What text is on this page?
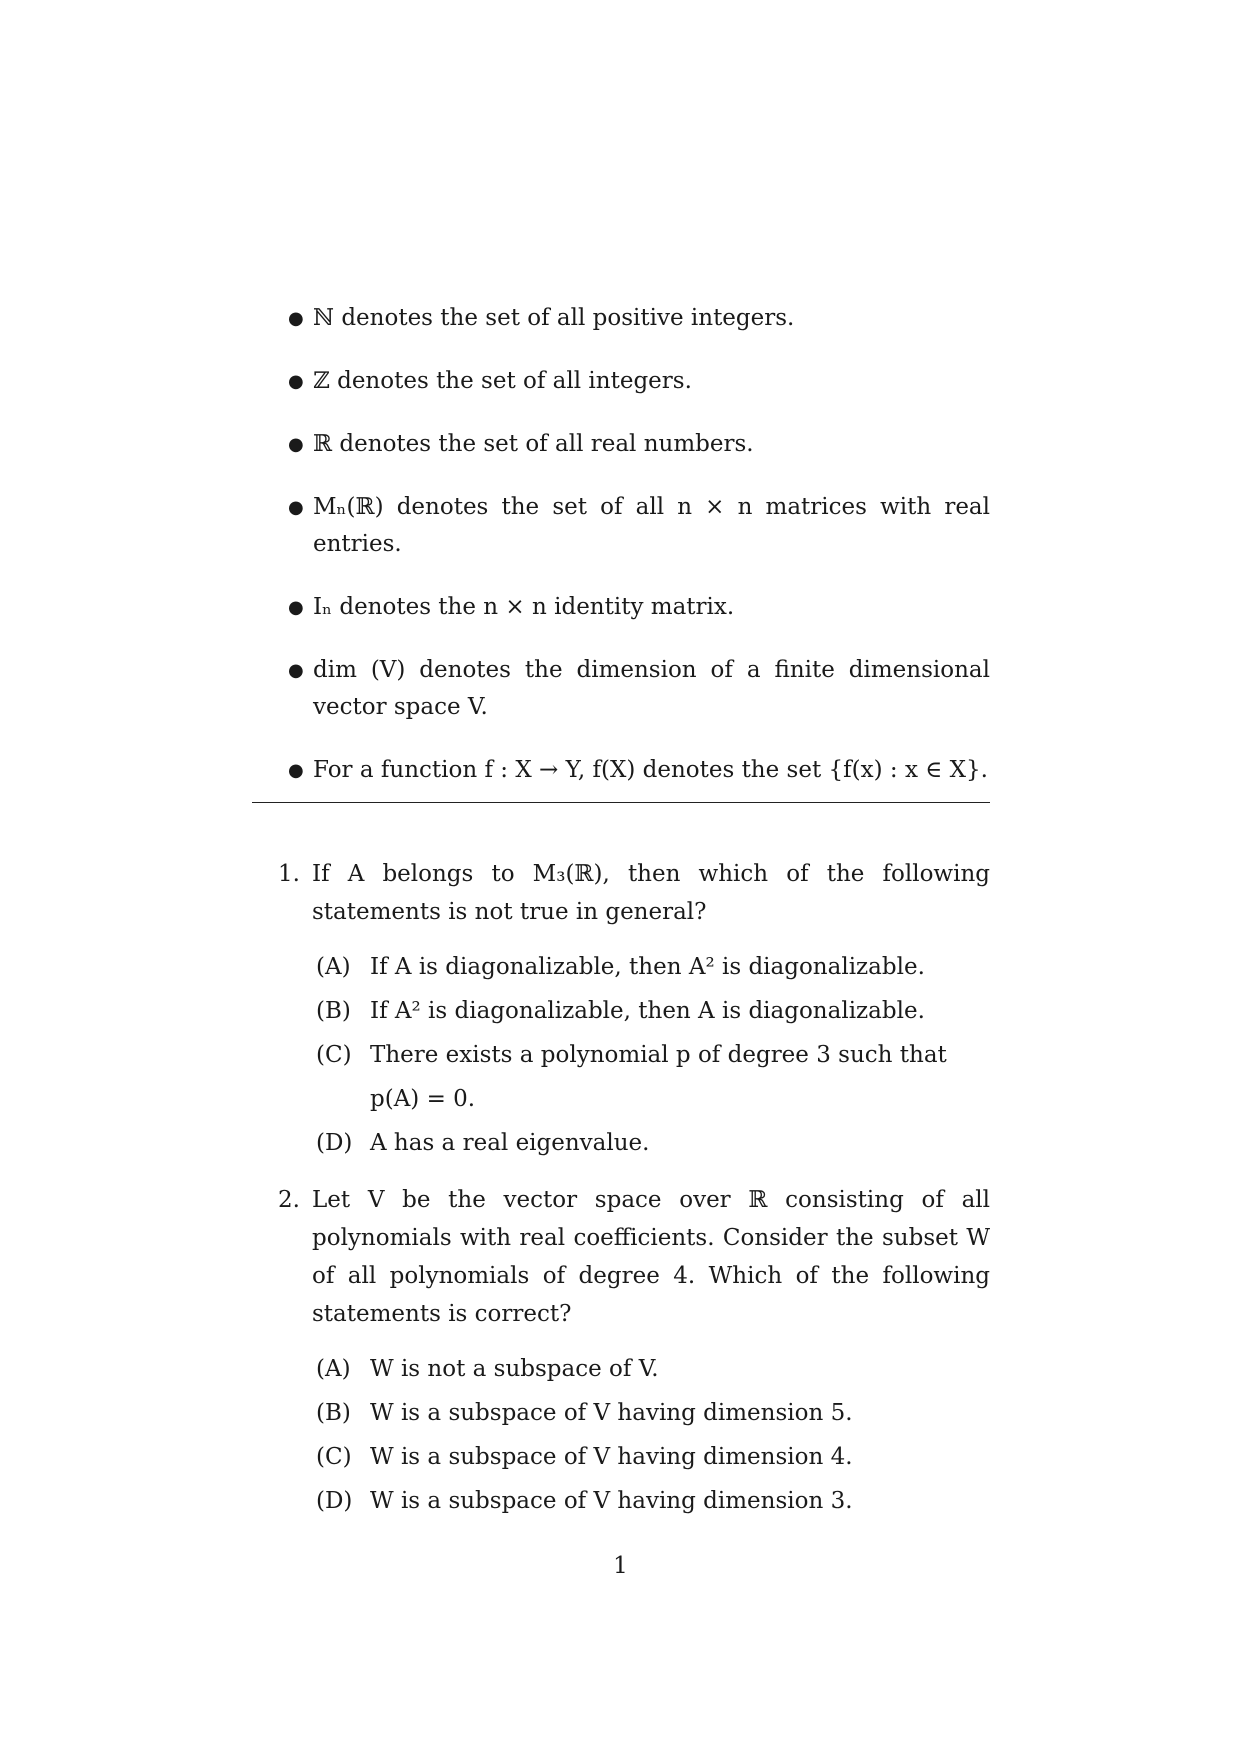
● ℕ denotes the set of all positive integers.
● ℤ denotes the set of all integers.
● ℝ denotes the set of all real numbers.
● Mₙ(ℝ) denotes the set of all n × n matrices with real entries.
● Iₙ denotes the n × n identity matrix.
● dim (V) denotes the dimension of a finite dimensional vector space V.
● For a function f : X → Y, f(X) denotes the set {f(x) : x ∈ X}.
1. If A belongs to M₃(ℝ), then which of the following statements is not true in general?
(A) If A is diagonalizable, then A² is diagonalizable.
(B) If A² is diagonalizable, then A is diagonalizable.
(C) There exists a polynomial p of degree 3 such that p(A) = 0.
(D) A has a real eigenvalue.
2. Let V be the vector space over ℝ consisting of all polynomials with real coefficients. Consider the subset W of all polynomials of degree 4. Which of the following statements is correct?
(A) W is not a subspace of V.
(B) W is a subspace of V having dimension 5.
(C) W is a subspace of V having dimension 4.
(D) W is a subspace of V having dimension 3.
1
